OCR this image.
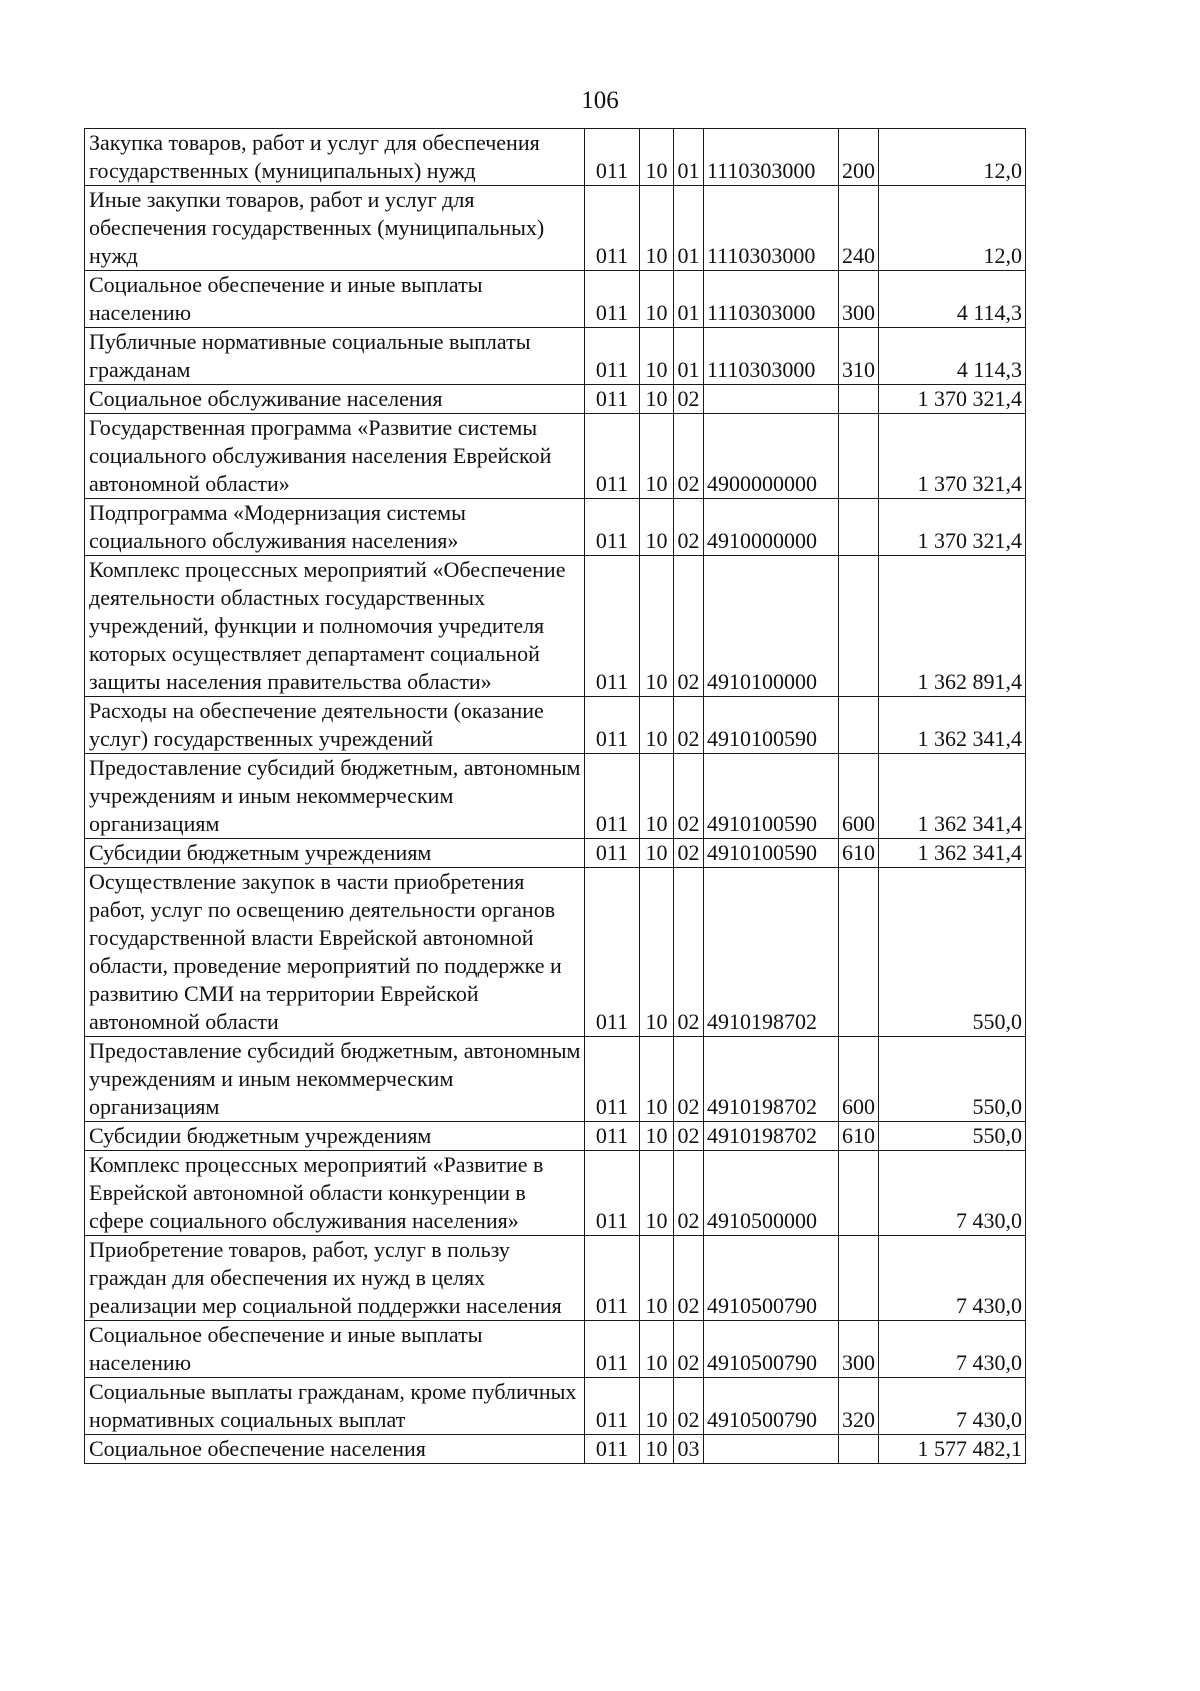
106
Закупка товаров, работ и услуг для обеспечения государственных (муниципальных) нужд	011	10	01	1110303000	200	12,0
Иные закупки товаров, работ и услуг для обеспечения государственных (муниципальных) нужд	011	10	01	1110303000	240	12,0
Социальное обеспечение и иные выплаты населению	011	10	01	1110303000	300	4 114,3
Публичные нормативные социальные выплаты гражданам	011	10	01	1110303000	310	4 114,3
Социальное обслуживание населения	011	10	02			1 370 321,4
Государственная программа «Развитие системы социального обслуживания населения Еврейской автономной области»	011	10	02	4900000000		1 370 321,4
Подпрограмма «Модернизация системы социального обслуживания населения»	011	10	02	4910000000		1 370 321,4
Комплекс процессных мероприятий «Обеспечение деятельности областных государственных учреждений, функции и полномочия учредителя которых осуществляет департамент социальной защиты населения правительства области»	011	10	02	4910100000		1 362 891,4
Расходы на обеспечение деятельности (оказание услуг) государственных учреждений	011	10	02	4910100590		1 362 341,4
Предоставление субсидий бюджетным, автономным учреждениям и иным некоммерческим организациям	011	10	02	4910100590	600	1 362 341,4
Субсидии бюджетным учреждениям	011	10	02	4910100590	610	1 362 341,4
Осуществление закупок в части приобретения работ, услуг по освещению деятельности органов государственной власти Еврейской автономной области, проведение мероприятий по поддержке и развитию СМИ на территории Еврейской автономной области	011	10	02	4910198702		550,0
Предоставление субсидий бюджетным, автономным учреждениям и иным некоммерческим организациям	011	10	02	4910198702	600	550,0
Субсидии бюджетным учреждениям	011	10	02	4910198702	610	550,0
Комплекс процессных мероприятий «Развитие в Еврейской автономной области конкуренции в сфере социального обслуживания населения»	011	10	02	4910500000		7 430,0
Приобретение товаров, работ, услуг в пользу граждан для обеспечения их нужд в целях реализации мер социальной поддержки населения	011	10	02	4910500790		7 430,0
Социальное обеспечение и иные выплаты населению	011	10	02	4910500790	300	7 430,0
Социальные выплаты гражданам, кроме публичных нормативных социальных выплат	011	10	02	4910500790	320	7 430,0
Социальное обеспечение населения	011	10	03			1 577 482,1
